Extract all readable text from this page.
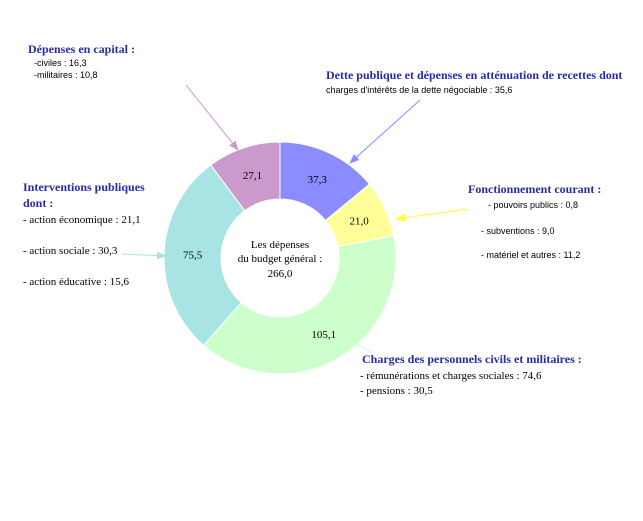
37,3
21,0
105,1
75,5
27,1
Les dépenses
du budget général :
266,0
Dépenses en capital :
-civiles : 16,3
-militaires : 10,8	Dette publique et dépenses en atténuation de recettes dont
charges d'intérêts de la dette négociable : 35,6
Interventions publiques
dont :
- action économique : 21,1
- action sociale : 30,3
- action éducative : 15,6
Fonctionnement courant :
- pouvoirs publics : 0,8
- subventions : 9,0
- matériel et autres : 11,2
Charges des personnels civils et militaires :
- rémunérations et charges sociales : 74,6
- pensions : 30,5
